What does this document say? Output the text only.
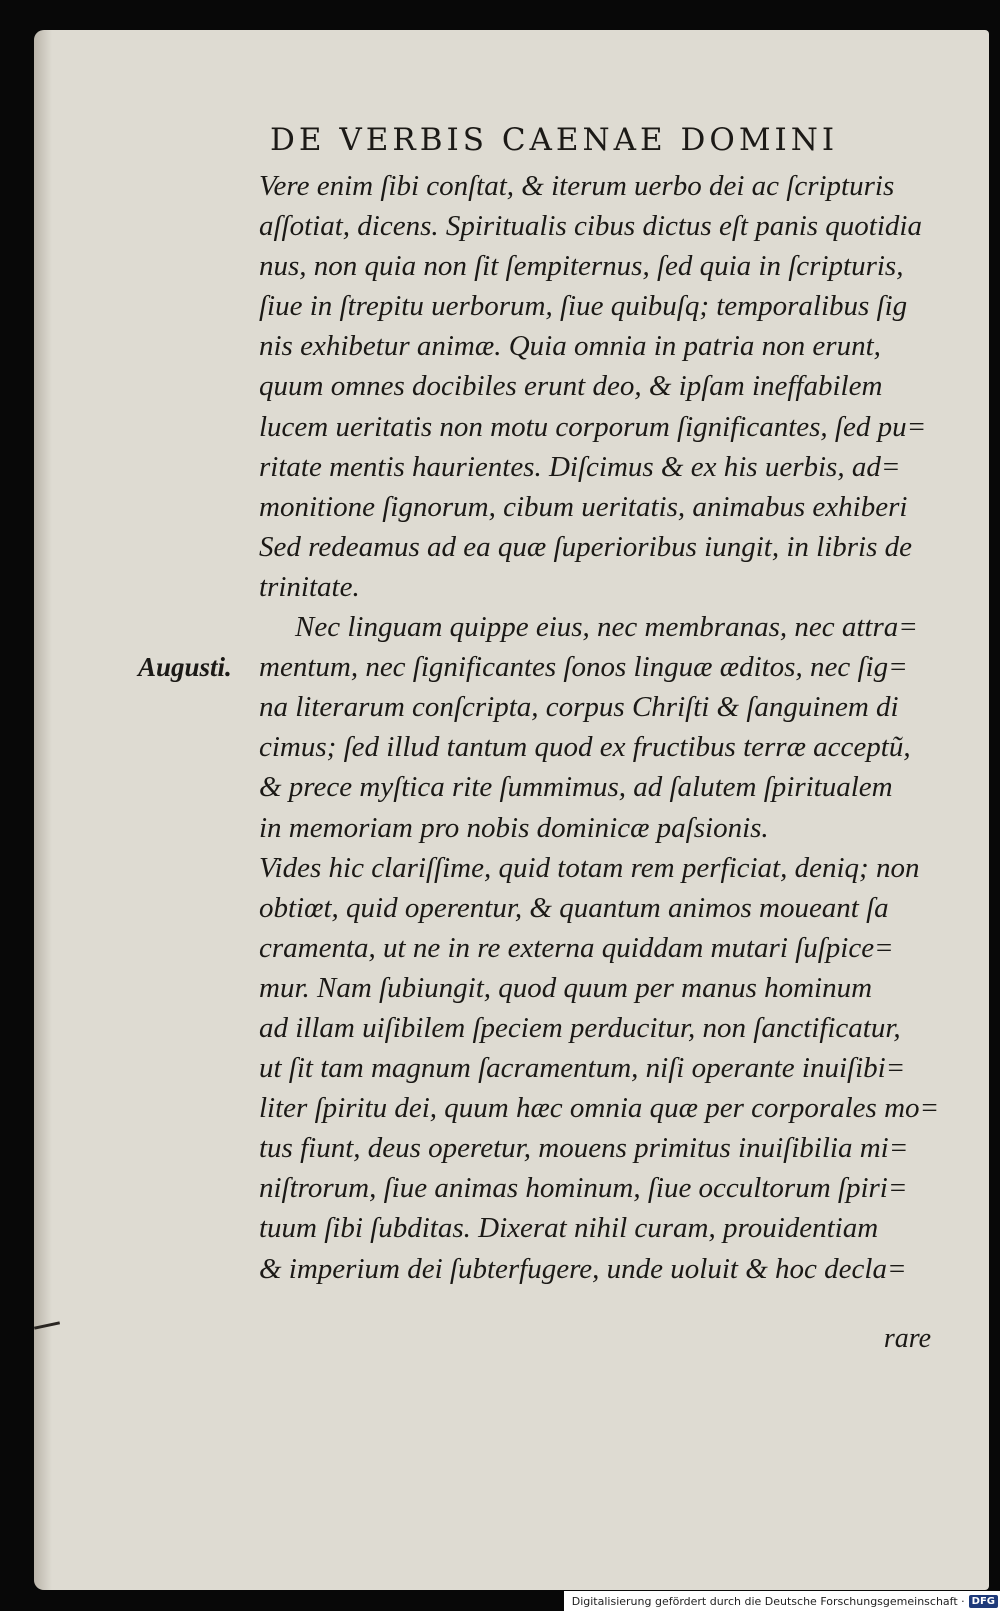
DE VERBIS CAENAE DOMINI
Vere enim ſibi conſtat, & iterum uerbo dei ac ſcripturis
aſſotiat, dicens. Spiritualis cibus dictus eſt panis quotidia
nus, non quia non ſit ſempiternus, ſed quia in ſcripturis,
ſiue in ſtrepitu uerborum, ſiue quibuſq; temporalibus ſig
nis exhibetur animæ. Quia omnia in patria non erunt,
quum omnes docibiles erunt deo, & ipſam ineffabilem
lucem ueritatis non motu corporum ſignificantes, ſed pu=
ritate mentis haurientes. Diſcimus & ex his uerbis, ad=
monitione ſignorum, cibum ueritatis, animabus exhiberi
Sed redeamus ad ea quæ ſuperioribus iungit, in libris de
trinitate.
Nec linguam quippe eius, nec membranas, nec attra=
mentum, nec ſignificantes ſonos linguæ æditos, nec ſig=
na literarum conſcripta, corpus Chriſti & ſanguinem di
cimus; ſed illud tantum quod ex fructibus terræ acceptũ,
& prece myſtica rite ſummimus, ad ſalutem ſpiritualem
in memoriam pro nobis dominicæ paſsionis.
Vides hic clariſſime, quid totam rem perficiat, deniq; non
obtiœt, quid operentur, & quantum animos moueant ſa
cramenta, ut ne in re externa quiddam mutari ſuſpice=
mur. Nam ſubiungit, quod quum per manus hominum
ad illam uiſibilem ſpeciem perducitur, non ſanctificatur,
ut ſit tam magnum ſacramentum, niſi operante inuiſibi=
liter ſpiritu dei, quum hæc omnia quæ per corporales mo=
tus fiunt, deus operetur, mouens primitus inuiſibilia mi=
niſtrorum, ſiue animas hominum, ſiue occultorum ſpiri=
tuum ſibi ſubditas. Dixerat nihil curam, prouidentiam
& imperium dei ſubterfugere, unde uoluit & hoc decla=
Augusti.
rare
Digitalisierung gefördert durch die Deutsche Forschungsgemeinschaft · DFG
